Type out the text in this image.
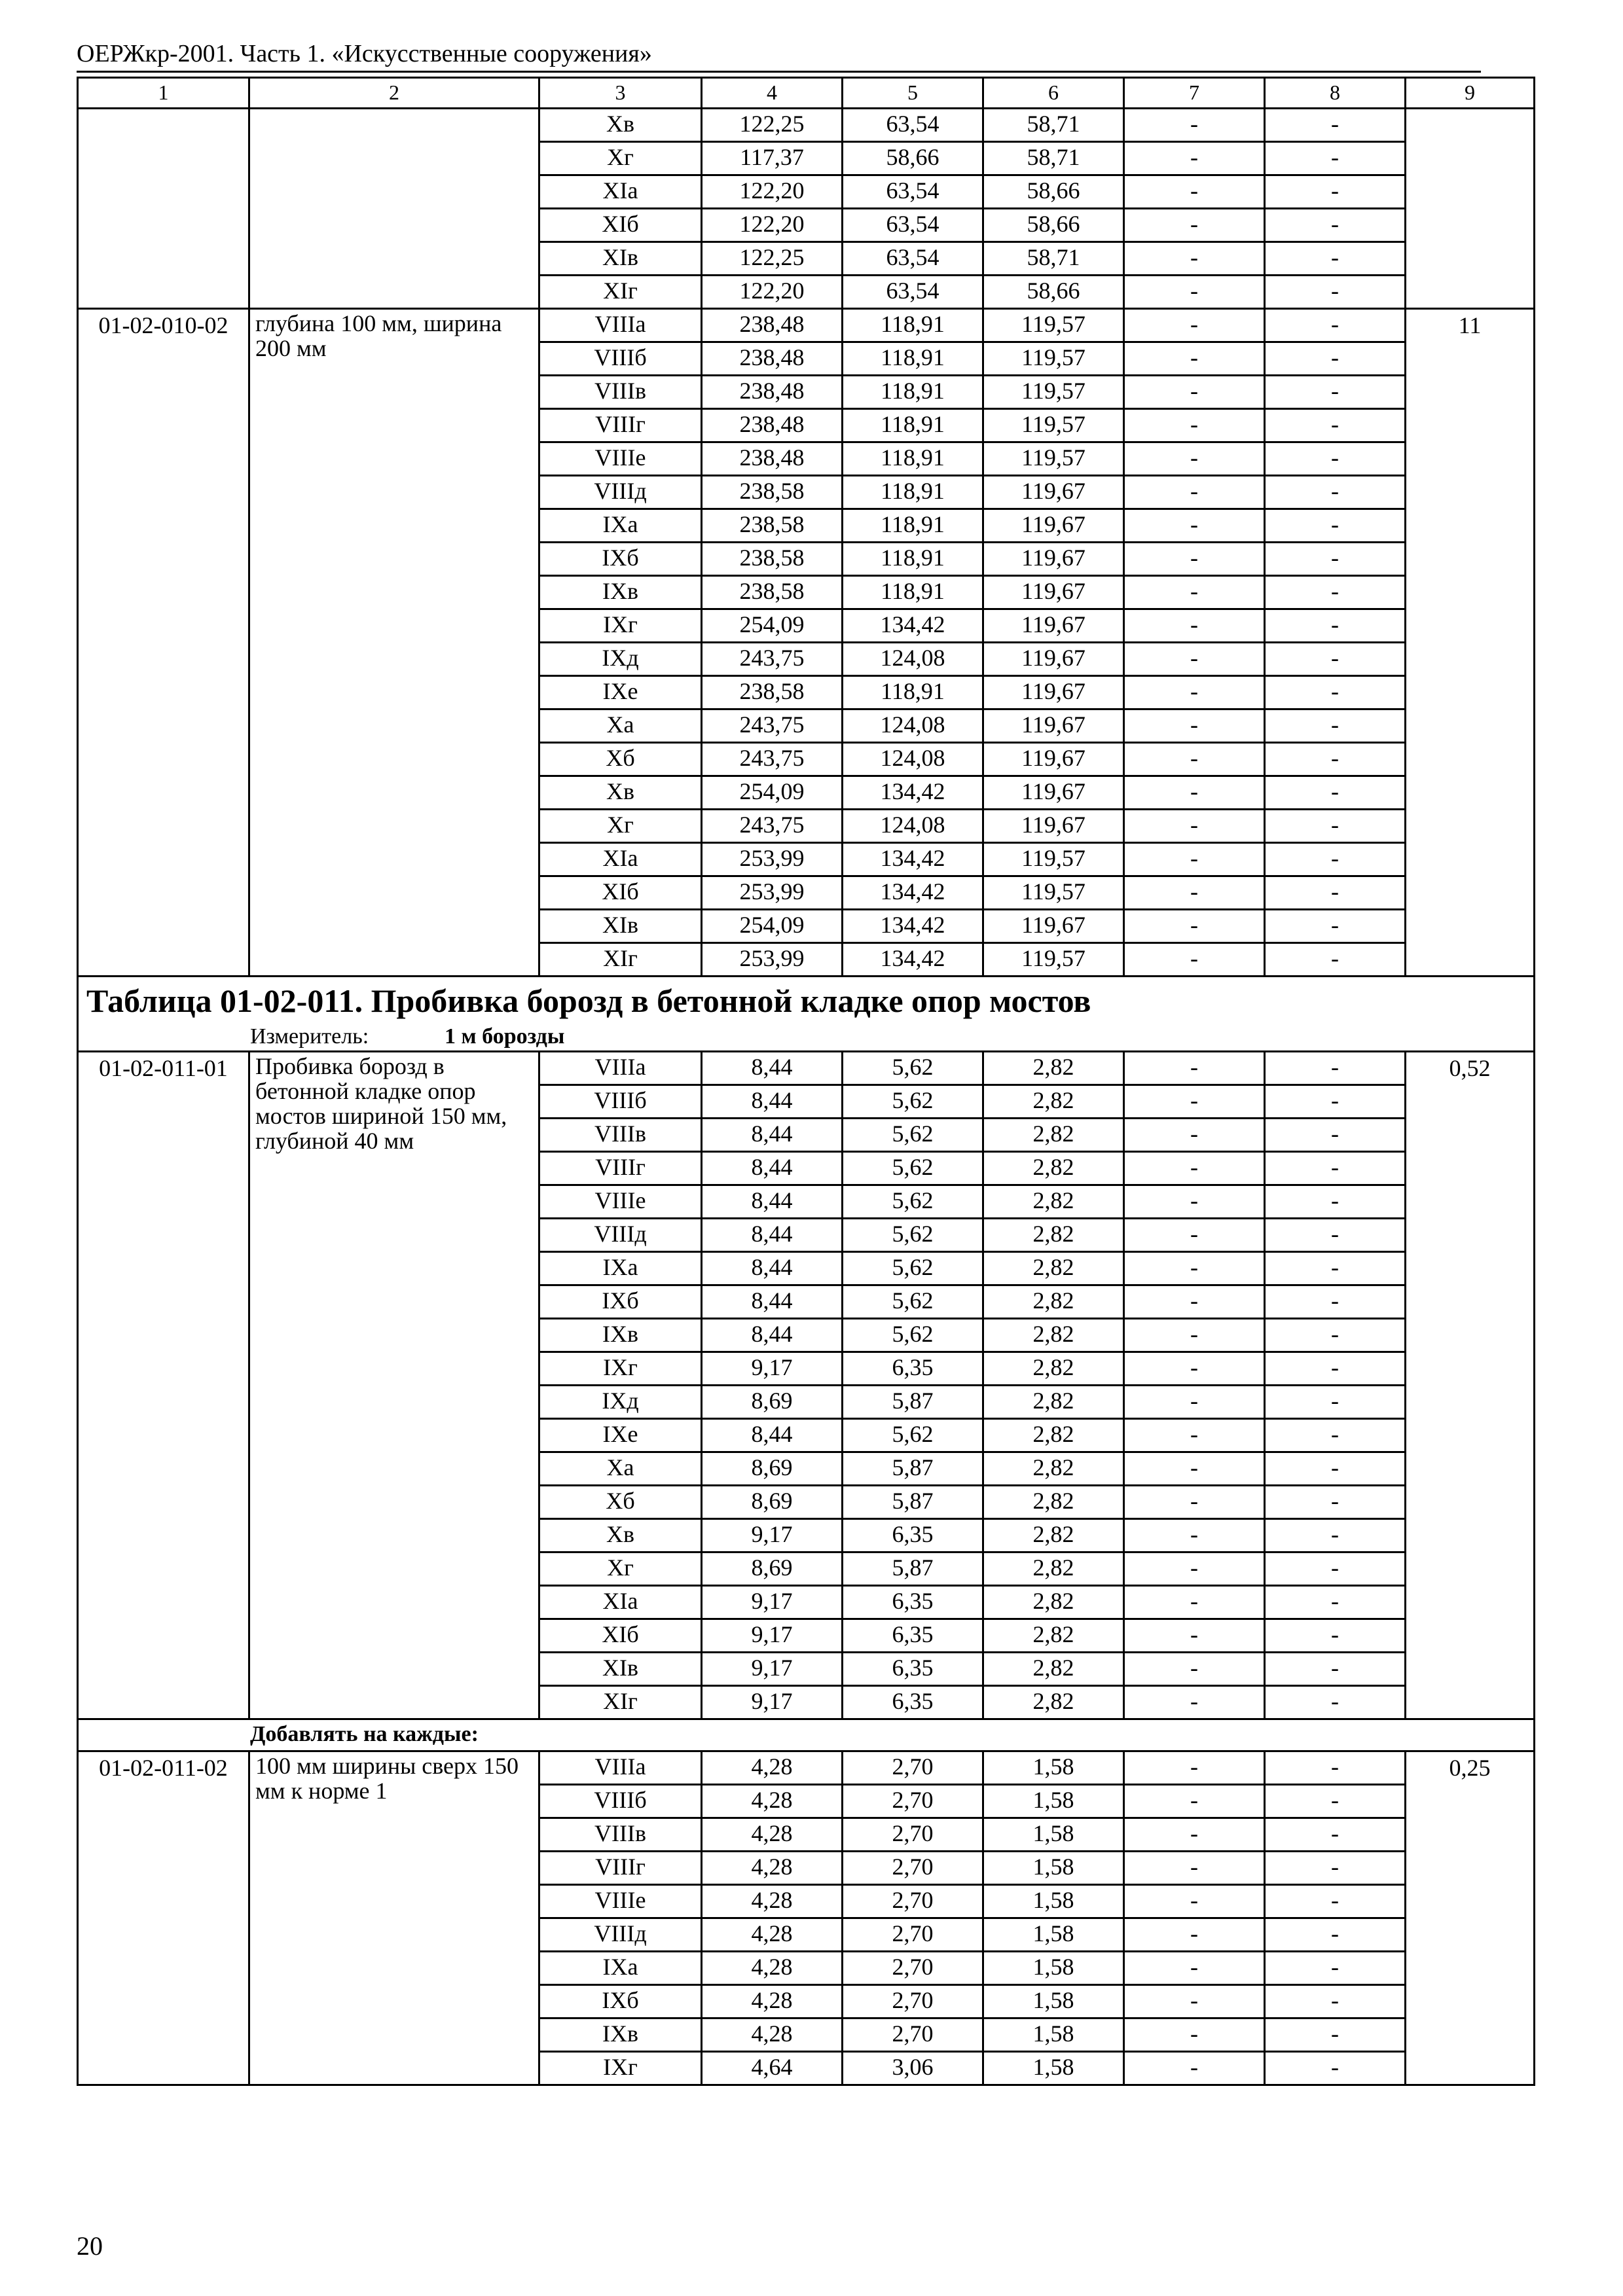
ОЕРЖкр-2001. Часть 1. «Искусственные сооружения»
1	2	3	4	5	6	7	8	9
		Xв	122,25	63,54	58,71	-	-	
		Xг	117,37	58,66	58,71	-	-	
		XIа	122,20	63,54	58,66	-	-	
		XIб	122,20	63,54	58,66	-	-	
		XIв	122,25	63,54	58,71	-	-	
		XIг	122,20	63,54	58,66	-	-	
01-02-010-02	глубина 100 мм, ширина 200 мм	VIIIа	238,48	118,91	119,57	-	-	11
		VIIIб	238,48	118,91	119,57	-	-	
		VIIIв	238,48	118,91	119,57	-	-	
		VIIIг	238,48	118,91	119,57	-	-	
		VIIIе	238,48	118,91	119,57	-	-	
		VIIIд	238,58	118,91	119,67	-	-	
		IXа	238,58	118,91	119,67	-	-	
		IXб	238,58	118,91	119,67	-	-	
		IXв	238,58	118,91	119,67	-	-	
		IXг	254,09	134,42	119,67	-	-	
		IXд	243,75	124,08	119,67	-	-	
		IXе	238,58	118,91	119,67	-	-	
		Xа	243,75	124,08	119,67	-	-	
		Xб	243,75	124,08	119,67	-	-	
		Xв	254,09	134,42	119,67	-	-	
		Xг	243,75	124,08	119,67	-	-	
		XIа	253,99	134,42	119,57	-	-	
		XIб	253,99	134,42	119,57	-	-	
		XIв	254,09	134,42	119,67	-	-	
		XIг	253,99	134,42	119,57	-	-	
Таблица 01-02-011. Пробивка борозд в бетонной кладке опор мостов								
Измеритель: 1 м борозды								
01-02-011-01	Пробивка борозд в бетонной кладке опор мостов шириной 150 мм, глубиной 40 мм	VIIIа	8,44	5,62	2,82	-	-	0,52
		VIIIб	8,44	5,62	2,82	-	-	
		VIIIв	8,44	5,62	2,82	-	-	
		VIIIг	8,44	5,62	2,82	-	-	
		VIIIе	8,44	5,62	2,82	-	-	
		VIIIд	8,44	5,62	2,82	-	-	
		IXа	8,44	5,62	2,82	-	-	
		IXб	8,44	5,62	2,82	-	-	
		IXв	8,44	5,62	2,82	-	-	
		IXг	9,17	6,35	2,82	-	-	
		IXд	8,69	5,87	2,82	-	-	
		IXе	8,44	5,62	2,82	-	-	
		Xа	8,69	5,87	2,82	-	-	
		Xб	8,69	5,87	2,82	-	-	
		Xв	9,17	6,35	2,82	-	-	
		Xг	8,69	5,87	2,82	-	-	
		XIа	9,17	6,35	2,82	-	-	
		XIб	9,17	6,35	2,82	-	-	
		XIв	9,17	6,35	2,82	-	-	
		XIг	9,17	6,35	2,82	-	-	
Добавлять на каждые:								
01-02-011-02	100 мм ширины сверх 150 мм к норме 1	VIIIа	4,28	2,70	1,58	-	-	0,25
		VIIIб	4,28	2,70	1,58	-	-	
		VIIIв	4,28	2,70	1,58	-	-	
		VIIIг	4,28	2,70	1,58	-	-	
		VIIIе	4,28	2,70	1,58	-	-	
		VIIIд	4,28	2,70	1,58	-	-	
		IXа	4,28	2,70	1,58	-	-	
		IXб	4,28	2,70	1,58	-	-	
		IXв	4,28	2,70	1,58	-	-	
		IXг	4,64	3,06	1,58	-	-	
20
